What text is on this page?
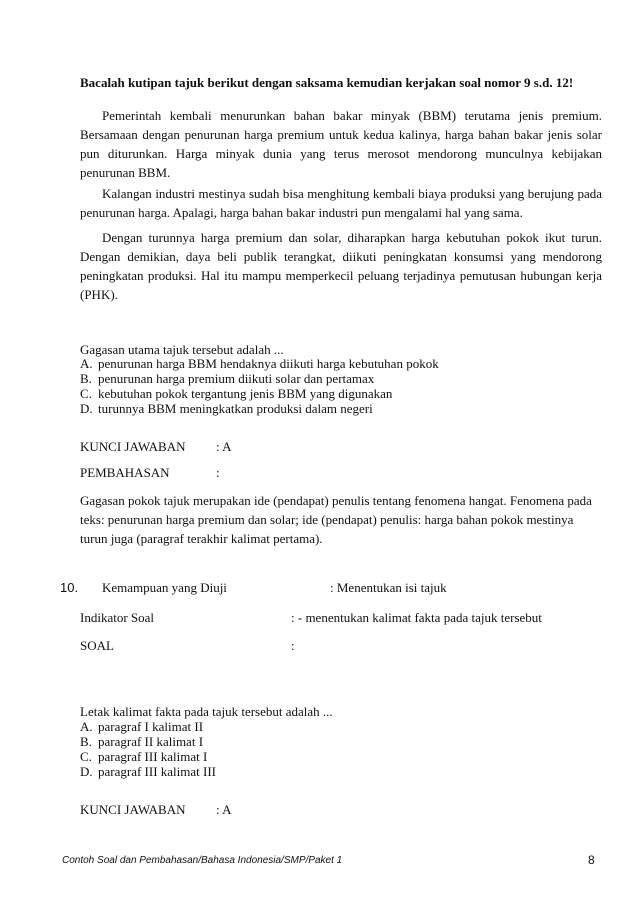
Bacalah kutipan tajuk berikut dengan saksama kemudian kerjakan soal nomor 9 s.d. 12!
Pemerintah kembali menurunkan bahan bakar minyak (BBM) terutama jenis premium. Bersamaan dengan penurunan harga premium untuk kedua kalinya, harga bahan bakar jenis solar pun diturunkan. Harga minyak dunia yang terus merosot mendorong munculnya kebijakan penurunan BBM.
Kalangan industri mestinya sudah bisa menghitung kembali biaya produksi yang berujung pada penurunan harga. Apalagi, harga bahan bakar industri pun mengalami hal yang sama.
Dengan turunnya harga premium dan solar, diharapkan harga kebutuhan pokok ikut turun. Dengan demikian, daya beli publik terangkat, diikuti peningkatan konsumsi yang mendorong peningkatan produksi. Hal itu mampu memperkecil peluang terjadinya pemutusan hubungan kerja (PHK).
Gagasan utama tajuk tersebut adalah ...
A. penurunan harga BBM hendaknya diikuti harga kebutuhan pokok
B. penurunan harga premium diikuti solar dan pertamax
C. kebutuhan pokok tergantung jenis BBM yang digunakan
D. turunnya BBM meningkatkan produksi dalam negeri
KUNCI JAWABAN : A
PEMBAHASAN	:
Gagasan pokok tajuk merupakan ide (pendapat) penulis tentang fenomena hangat. Fenomena pada teks: penurunan harga premium dan solar; ide (pendapat) penulis: harga bahan pokok mestinya turun juga (paragraf terakhir kalimat pertama).
10. Kemampuan yang Diuji	: Menentukan isi tajuk
Indikator Soal	: - menentukan kalimat fakta pada tajuk tersebut
SOAL	:
Letak kalimat fakta pada tajuk tersebut adalah ...
A. paragraf I kalimat II
B. paragraf II kalimat I
C. paragraf III kalimat I
D. paragraf III kalimat III
KUNCI JAWABAN : A
Contoh Soal dan Pembahasan/Bahasa Indonesia/SMP/Paket 1	8
